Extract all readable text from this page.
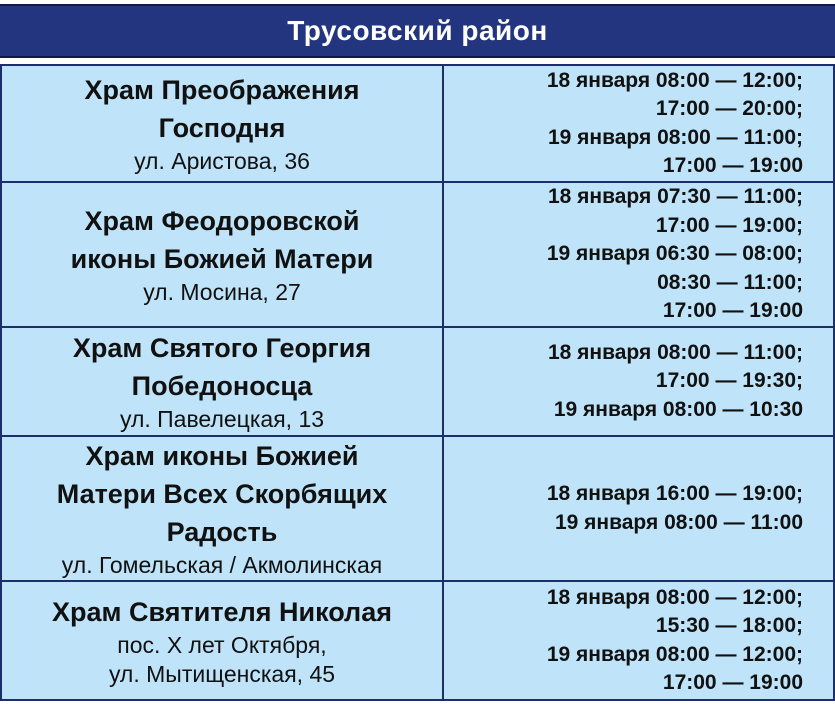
Трусовский район
Храм Преображения
Господня
ул. Аристова, 36	18 января 08:00 — 12:00;
17:00 — 20:00;
19 января 08:00 — 11:00;
17:00 — 19:00

Храм Феодоровской
иконы Божией Матери
ул. Мосина, 27	18 января 07:30 — 11:00;
17:00 — 19:00;
19 января 06:30 — 08:00;
08:30 — 11:00;
17:00 — 19:00

Храм Святого Георгия
Победоносца
ул. Павелецкая, 13	18 января 08:00 — 11:00;
17:00 — 19:30;
19 января 08:00 — 10:30

Храм иконы Божией
Матери Всех Скорбящих
Радость
ул. Гомельская / Акмолинская	18 января 16:00 — 19:00;
19 января 08:00 — 11:00

Храм Святителя Николая
пос. Х лет Октября,
ул. Мытищенская, 45	18 января 08:00 — 12:00;
15:30 — 18:00;
19 января 08:00 — 12:00;
17:00 — 19:00
